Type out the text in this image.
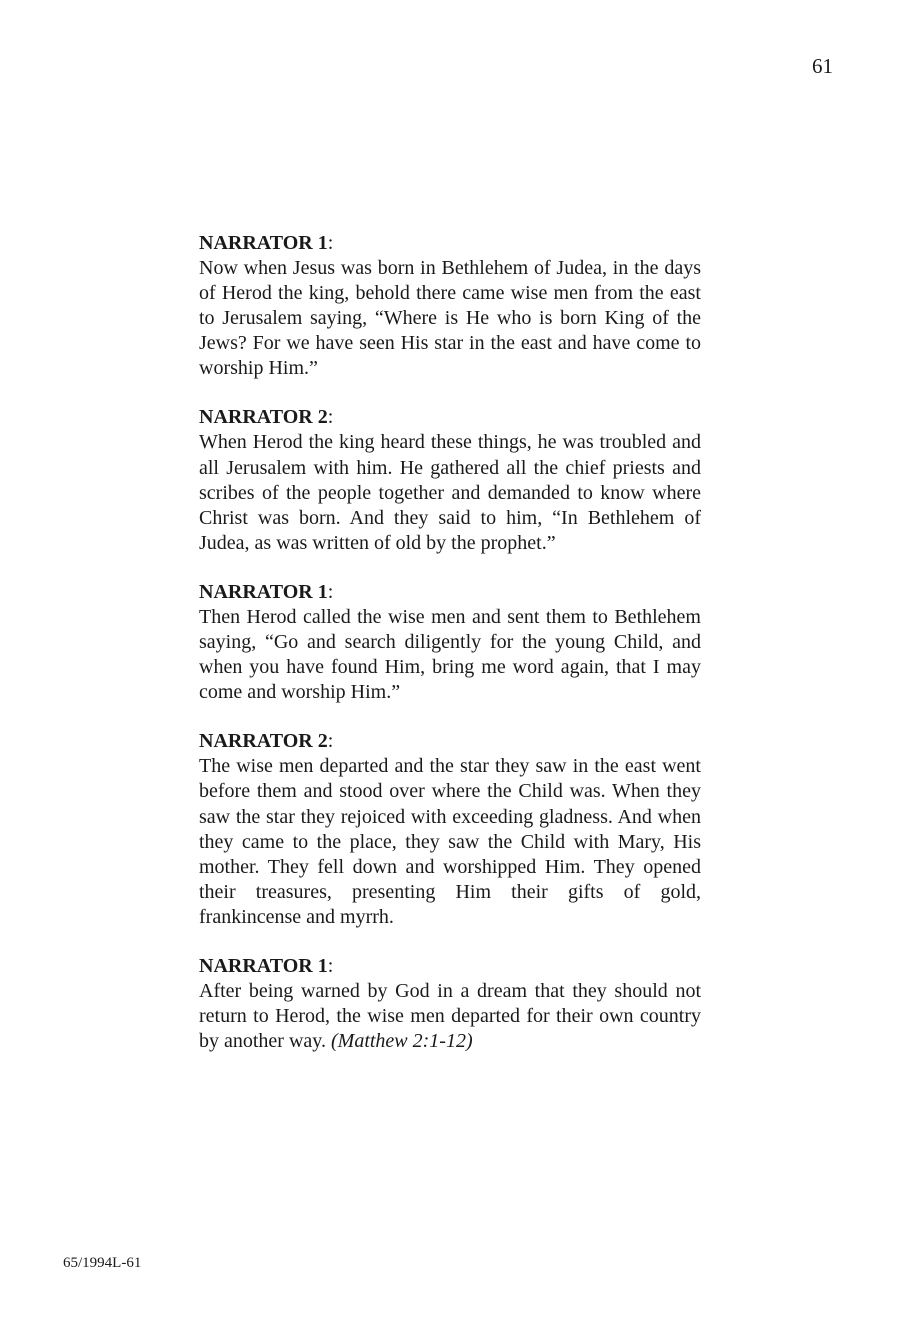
61
NARRATOR 1:

Now when Jesus was born in Bethlehem of Judea, in the days of Herod the king, behold there came wise men from the east to Jerusalem saying, “Where is He who is born King of the Jews? For we have seen His star in the east and have come to worship Him.”

NARRATOR 2:

When Herod the king heard these things, he was troubled and all Jerusalem with him. He gathered all the chief priests and scribes of the people together and demanded to know where Christ was born. And they said to him, “In Bethlehem of Judea, as was written of old by the prophet.”

NARRATOR 1:

Then Herod called the wise men and sent them to Bethlehem saying, “Go and search diligently for the young Child, and when you have found Him, bring me word again, that I may come and worship Him.”

NARRATOR 2:

The wise men departed and the star they saw in the east went before them and stood over where the Child was. When they saw the star they rejoiced with exceeding gladness. And when they came to the place, they saw the Child with Mary, His mother. They fell down and worshipped Him. They opened their treasures, presenting Him their gifts of gold, frankincense and myrrh.

NARRATOR 1:

After being warned by God in a dream that they should not return to Herod, the wise men departed for their own country by another way. (Matthew 2:1-12)

65/1994L-61
